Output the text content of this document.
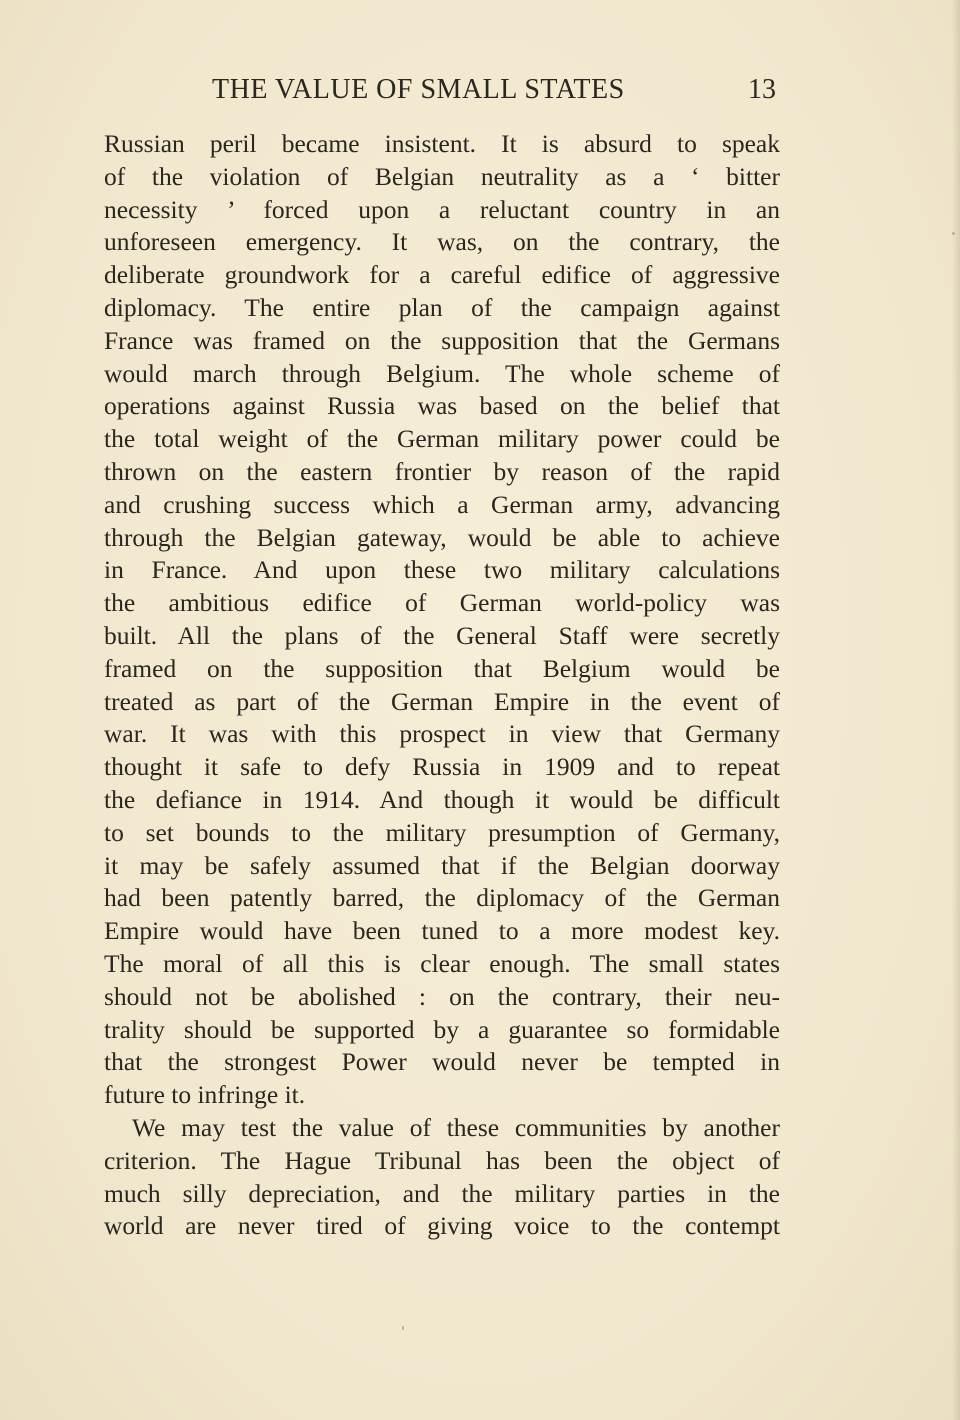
THE VALUE OF SMALL STATES	13
Russian peril became insistent. It is absurd to speak
of the violation of Belgian neutrality as a ‘ bitter
necessity ’ forced upon a reluctant country in an
unforeseen emergency. It was, on the contrary, the
deliberate groundwork for a careful edifice of aggressive
diplomacy. The entire plan of the campaign against
France was framed on the supposition that the Germans
would march through Belgium. The whole scheme of
operations against Russia was based on the belief that
the total weight of the German military power could be
thrown on the eastern frontier by reason of the rapid
and crushing success which a German army, advancing
through the Belgian gateway, would be able to achieve
in France. And upon these two military calculations
the ambitious edifice of German world-policy was
built. All the plans of the General Staff were secretly
framed on the supposition that Belgium would be
treated as part of the German Empire in the event of
war. It was with this prospect in view that Germany
thought it safe to defy Russia in 1909 and to repeat
the defiance in 1914. And though it would be difficult
to set bounds to the military presumption of Germany,
it may be safely assumed that if the Belgian doorway
had been patently barred, the diplomacy of the German
Empire would have been tuned to a more modest key.
The moral of all this is clear enough. The small states
should not be abolished : on the contrary, their neu-
trality should be supported by a guarantee so formidable
that the strongest Power would never be tempted in
future to infringe it.
We may test the value of these communities by another
criterion. The Hague Tribunal has been the object of
much silly depreciation, and the military parties in the
world are never tired of giving voice to the contempt
